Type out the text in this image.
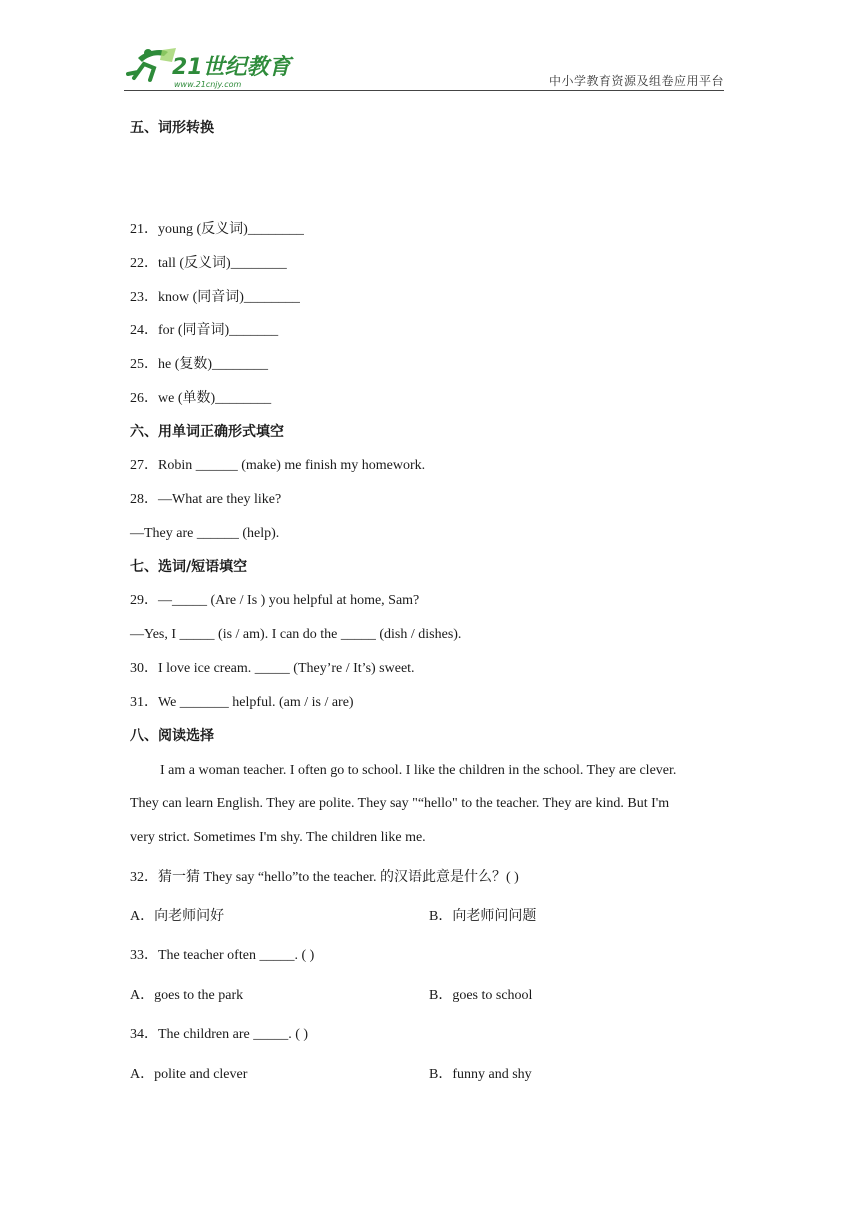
21世纪教育
www.21cnjy.com	中小学教育资源及组卷应用平台
五、词形转换
21．young (反义词)________
22．tall (反义词)________
23．know (同音词)________
24．for (同音词)_______
25．he (复数)________
26．we (单数)________
六、用单词正确形式填空
27．Robin ______ (make) me finish my homework.
28．—What are they like?
—They are ______ (help).
七、选词/短语填空
29．—_____ (Are / Is ) you helpful at home, Sam?
—Yes, I _____ (is / am). I can do the _____ (dish / dishes).
30．I love ice cream. _____ (They’re / It’s) sweet.
31．We _______ helpful. (am / is / are)
八、阅读选择
I am a woman teacher. I often go to school. I like the children in the school. They are clever.
They can learn English. They are polite. They say "“hello" to the teacher. They are kind. But I'm
very strict. Sometimes I'm shy. The children like me.
32．猜一猜 They say “hello”to the teacher. 的汉语此意是什么？( )
A．向老师问好	B．向老师问问题
33．The teacher often _____. ( )
A．goes to the park	B．goes to school
34．The children are _____. ( )
A．polite and clever	B．funny and shy
